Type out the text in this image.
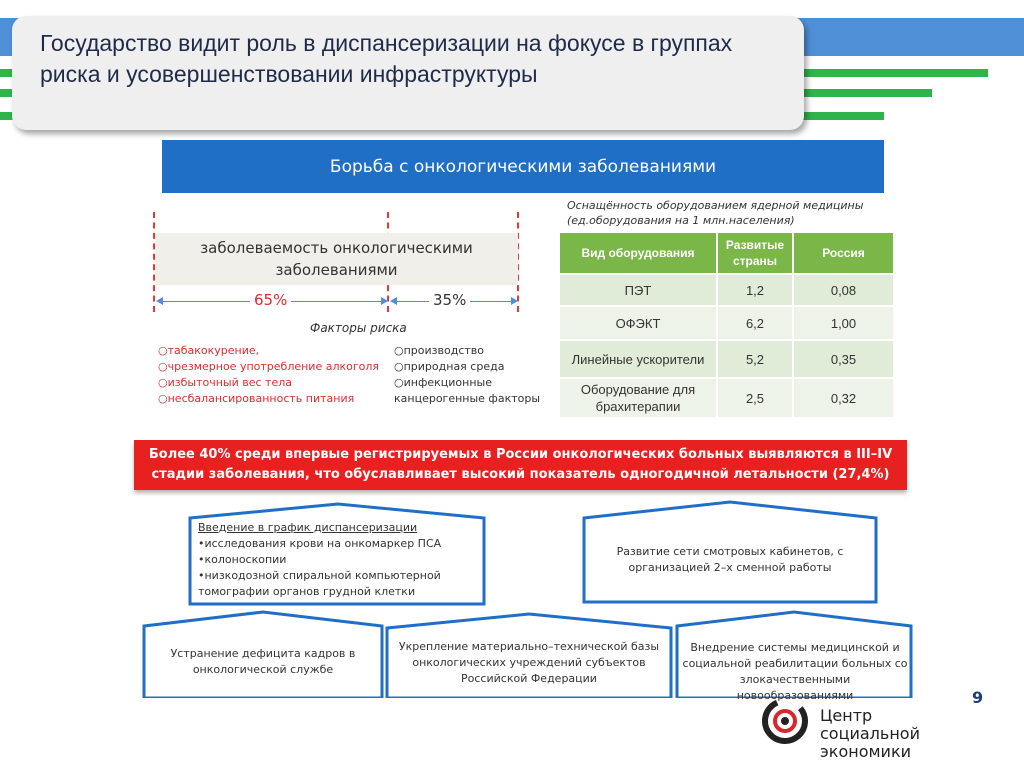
Государство видит роль в диспансеризации на фокусе в группах риска и усовершенствовании инфраструктуры
Борьба с онкологическими заболеваниями
заболеваемость онкологическими заболеваниями
65%	35%
Факторы риска
○ табакокурение,
○ чрезмерное употребление алкоголя
○ избыточный вес тела
○ несбалансированность питания
○ производство
○ природная среда
○ инфекционные канцерогенные факторы
Оснащённость оборудованием ядерной медицины (ед.оборудования на 1 млн.населения)
Вид оборудования	Развитые страны	Россия
ПЭТ	1,2	0,08
ОФЭКТ	6,2	1,00
Линейные ускорители	5,2	0,35
Оборудование для брахитерапии	2,5	0,32
Более 40% среди впервые регистрируемых в России онкологических больных выявляются в III–IV стадии заболевания, что обуславливает высокий показатель одногодичной летальности (27,4%)
Введение в график диспансеризации
•исследования крови на онкомаркер ПСА
•колоноскопии
•низкодозной спиральной компьютерной томографии органов грудной клетки
Развитие сети смотровых кабинетов, с организацией 2–х сменной работы
Устранение дефицита кадров в онкологической службе
Укрепление материально–технической базы онкологических учреждений субъектов Российской Федерации
Внедрение системы медицинской и социальной реабилитации больных со злокачественными новообразованиями	9
Центр
социальной
экономики
